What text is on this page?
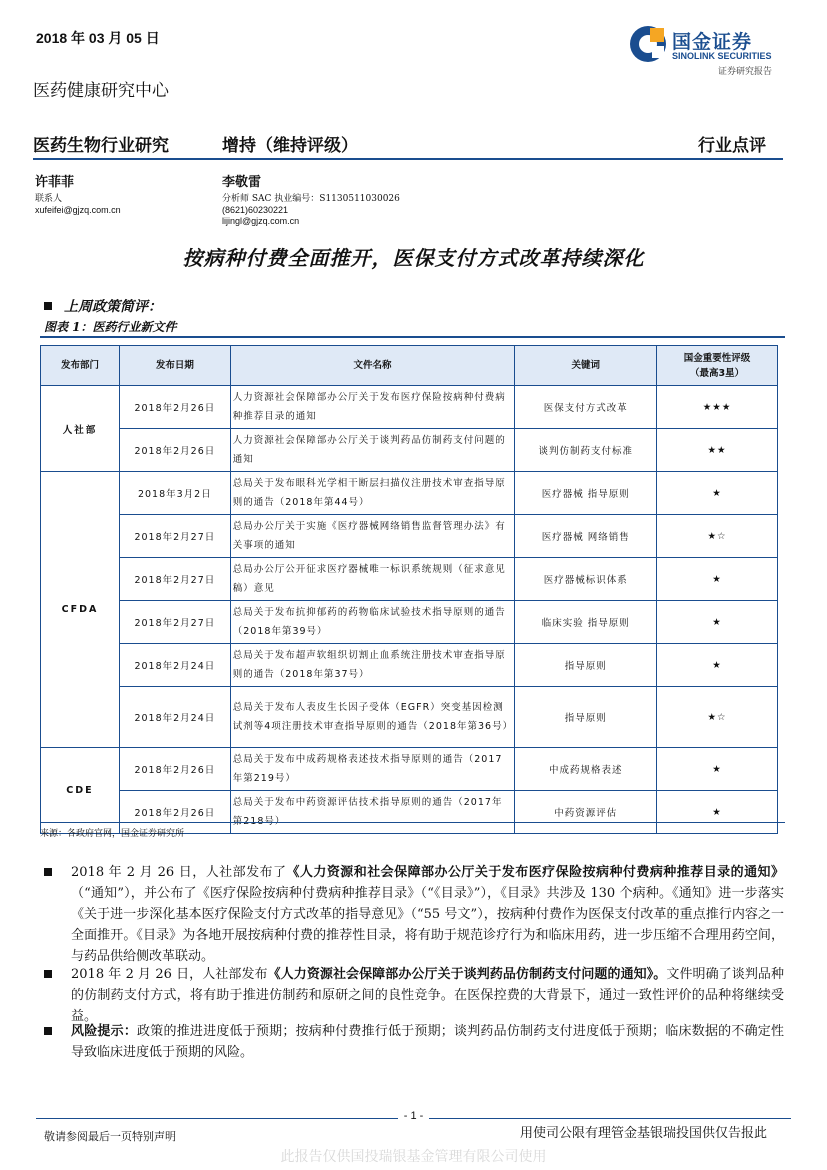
2018 年 03 月 05 日
医药健康研究中心
国金证券
SINOLINK SECURITIES
证券研究报告
医药生物行业研究	增持（维持评级）	行业点评
许菲菲
联系人
xufeifei@gjzq.com.cn
李敬雷
分析师 SAC 执业编号：S1130511030026
(8621)60230221
lijingl@gjzq.com.cn
按病种付费全面推开，医保支付方式改革持续深化
上周政策简评：
图表 1：医药行业新文件
发布部门	发布日期	文件名称	关键词	国金重要性评级
（最高3星）

人社部	2018年2月26日	人力资源社会保障部办公厅关于发布医疗保险按病种付费病种推荐目录的通知	医保支付方式改革	★★★
	2018年2月26日	人力资源社会保障部办公厅关于谈判药品仿制药支付问题的通知	谈判仿制药支付标准	★★
CFDA	2018年3月2日	总局关于发布眼科光学相干断层扫描仪注册技术审查指导原则的通告（2018年第44号）	医疗器械 指导原则	★
	2018年2月27日	总局办公厅关于实施《医疗器械网络销售监督管理办法》有关事项的通知	医疗器械 网络销售	★☆
	2018年2月27日	总局办公厅公开征求医疗器械唯一标识系统规则（征求意见稿）意见	医疗器械标识体系	★
	2018年2月27日	总局关于发布抗抑郁药的药物临床试验技术指导原则的通告（2018年第39号）	临床实验 指导原则	★
	2018年2月24日	总局关于发布超声软组织切割止血系统注册技术审查指导原则的通告（2018年第37号）	指导原则	★
	2018年2月24日	总局关于发布人表皮生长因子受体（EGFR）突变基因检测试剂等4项注册技术审查指导原则的通告（2018年第36号）	指导原则	★☆
CDE	2018年2月26日	总局关于发布中成药规格表述技术指导原则的通告（2017年第219号）	中成药规格表述	★
	2018年2月26日	总局关于发布中药资源评估技术指导原则的通告（2017年	中药资源评估	★
来源：各政府官网，国金证券研究所
2018 年 2 月 26 日，人社部发布了《人力资源和社会保障部办公厅关于发布医疗保险按病种付费病种推荐目录的通知》（“通知”），并公布了《医疗保险按病种付费病种推荐目录》（“《目录》”），《目录》共涉及 130 个病种。《通知》进一步落实《关于进一步深化基本医疗保险支付方式改革的指导意见》（“55 号文”），按病种付费作为医保支付改革的重点推行内容之一全面推开。《目录》为各地开展按病种付费的推荐性目录，将有助于规范诊疗行为和临床用药，进一步压缩不合理用药空间，与药品供给侧改革联动。
2018 年 2 月 26 日，人社部发布《人力资源社会保障部办公厅关于谈判药品仿制药支付问题的通知》。文件明确了谈判品种的仿制药支付方式，将有助于推进仿制药和原研之间的良性竞争。在医保控费的大背景下，通过一致性评价的品种将继续受益。
风险提示：政策的推进进度低于预期；按病种付费推行低于预期；谈判药品仿制药支付进度低于预期；临床数据的不确定性导致临床进度低于预期的风险。
- 1 -
敬请参阅最后一页特别声明	用使司公限有理管金基银瑞投国供仅告报此
此报告仅供国投瑞银基金管理有限公司使用
